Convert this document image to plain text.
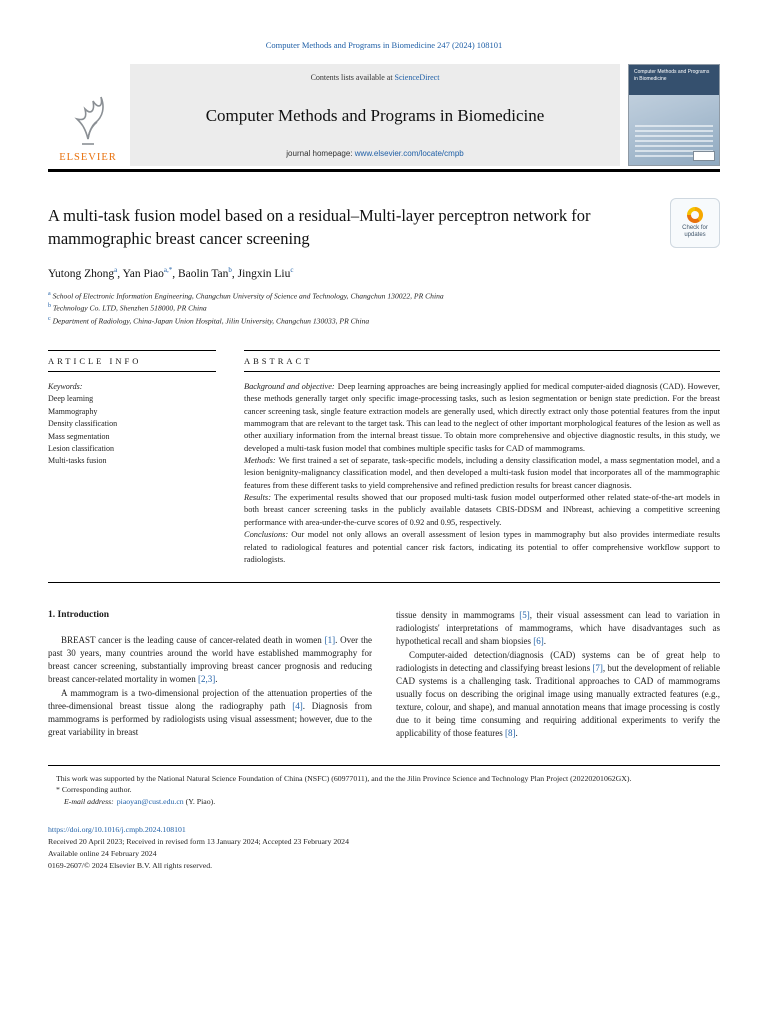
Computer Methods and Programs in Biomedicine 247 (2024) 108101
ELSEVIER
Contents lists available at ScienceDirect
Computer Methods and Programs in Biomedicine
journal homepage: www.elsevier.com/locate/cmpb
Computer Methods and Programs in Biomedicine
A multi-task fusion model based on a residual–Multi-layer perceptron network for mammographic breast cancer screening
Check for
updates
Yutong Zhong$^a$, Yan Piao$^{a,*}$, Baolin Tan$^b$, Jingxin Liu$^c$
$^a$ School of Electronic Information Engineering, Changchun University of Science and Technology, Changchun 130022, PR China
$^b$ Technology Co. LTD, Shenzhen 518000, PR China
$^c$ Department of Radiology, China-Japan Union Hospital, Jilin University, Changchun 130033, PR China
ARTICLE INFO
Keywords:
Deep learning
Mammography
Density classification
Mass segmentation
Lesion classification
Multi-tasks fusion
ABSTRACT
Background and objective: Deep learning approaches are being increasingly applied for medical computer-aided diagnosis (CAD). However, these methods generally target only specific image-processing tasks, such as lesion segmentation or benign state prediction. For the breast cancer screening task, single feature extraction models are generally used, which directly extract only those potential features from the input mammogram that are relevant to the target task. This can lead to the neglect of other important morphological features of the lesion as well as other auxiliary information from the internal breast tissue. To obtain more comprehensive and objective diagnostic results, in this study, we developed a multi-task fusion model that combines multiple specific tasks for CAD of mammograms.
Methods: We first trained a set of separate, task-specific models, including a density classification model, a mass segmentation model, and a lesion benignity-malignancy classification model, and then developed a multi-task fusion model that incorporates all of the mammographic features from these different tasks to yield comprehensive and refined prediction results for breast cancer diagnosis.
Results: The experimental results showed that our proposed multi-task fusion model outperformed other related state-of-the-art models in both breast cancer screening tasks in the publicly available datasets CBIS-DDSM and INbreast, achieving a competitive screening performance with area-under-the-curve scores of 0.92 and 0.95, respectively.
Conclusions: Our model not only allows an overall assessment of lesion types in mammography but also provides intermediate results related to radiological features and potential cancer risk factors, indicating its potential to offer comprehensive workflow support to radiologists.
1. Introduction

BREAST cancer is the leading cause of cancer-related death in women [1]. Over the past 30 years, many countries around the world have established mammography for breast cancer screening, substantially improving breast cancer prognosis and reducing breast cancer-related mortality in women [2,3].

A mammogram is a two-dimensional projection of the attenuation properties of the three-dimensional breast tissue along the radiography path [4]. Diagnosis from mammograms is performed by radiologists using visual assessment; however, due to the great variability in breast

tissue density in mammograms [5], their visual assessment can lead to variation in radiologists' interpretations of mammograms, which have disadvantages such as hypothetical recall and sham biopsies [6].

Computer-aided detection/diagnosis (CAD) systems can be of great help to radiologists in detecting and classifying breast lesions [7], but the development of reliable CAD systems is a challenging task. Traditional approaches to CAD of mammograms usually focus on describing the original image using manually extracted features (e.g., texture, colour, and shape), and manual annotation means that image processing is costly due to it being time consuming and requiring additional experiments to verify the applicability of those features [8].

This work was supported by the National Natural Science Foundation of China (NSFC) (60977011), and the the Jilin Province Science and Technology Plan Project (20220201062GX).
* Corresponding author.
E-mail address: piaoyan@cust.edu.cn (Y. Piao).
https://doi.org/10.1016/j.cmpb.2024.108101
Received 20 April 2023; Received in revised form 13 January 2024; Accepted 23 February 2024
Available online 24 February 2024
0169-2607/© 2024 Elsevier B.V. All rights reserved.
